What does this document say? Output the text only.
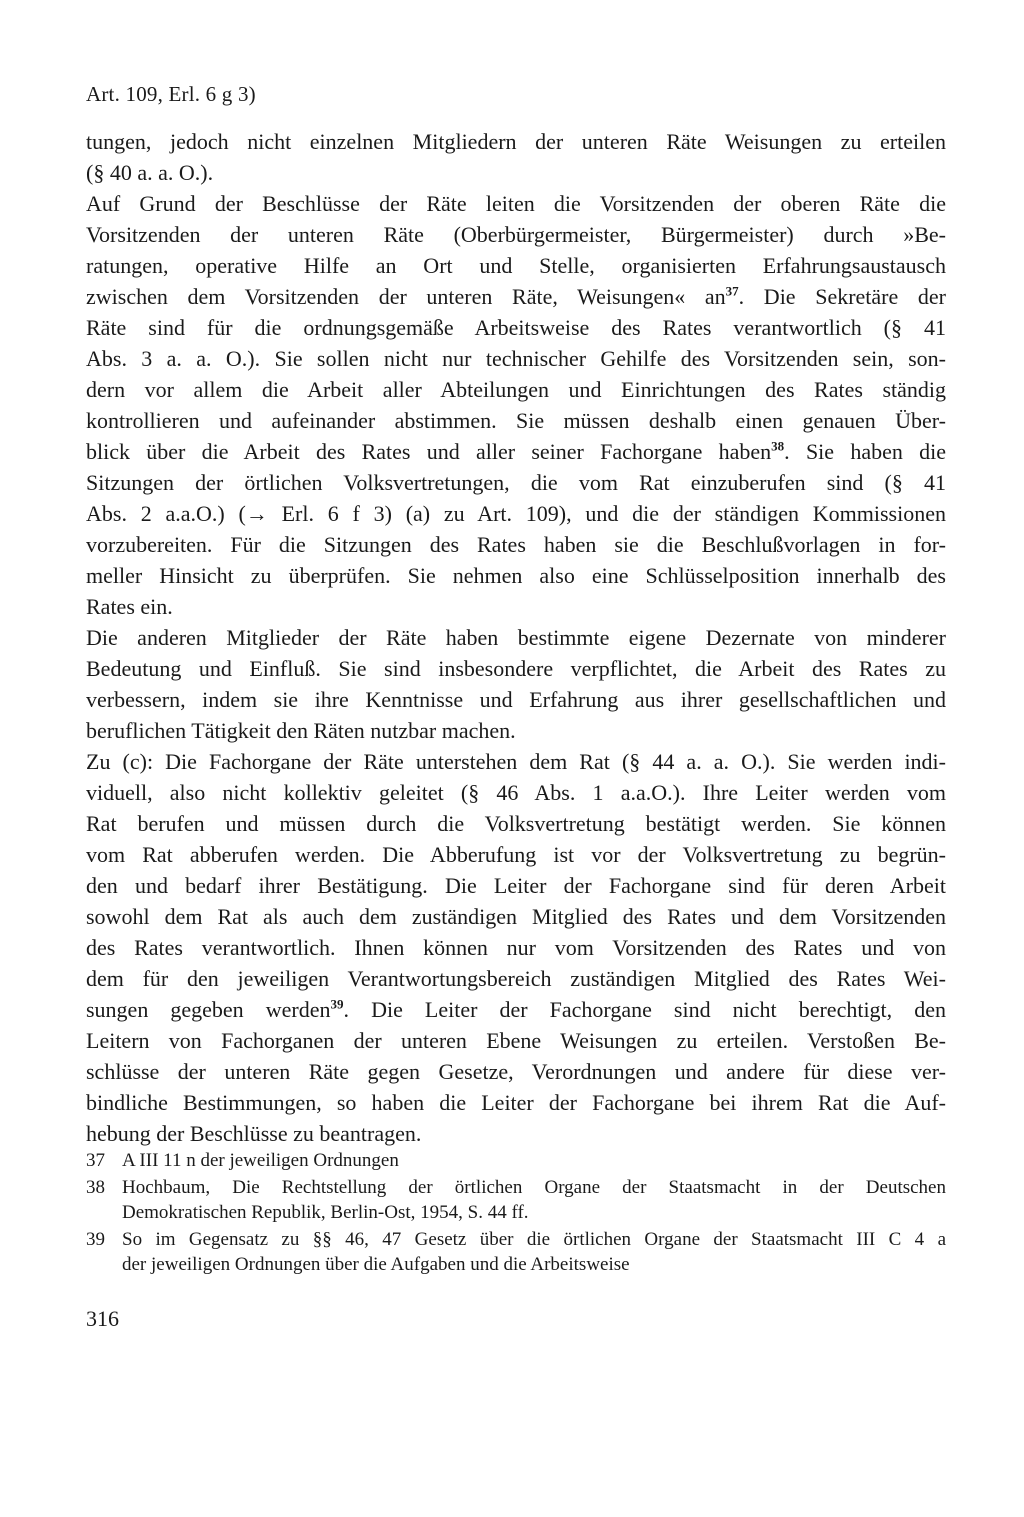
Art. 109, Erl. 6 g 3)

tungen, jedoch nicht einzelnen Mitgliedern der unteren Räte Weisungen zu erteilen
(§ 40 a. a. O.).

Auf Grund der Beschlüsse der Räte leiten die Vorsitzenden der oberen Räte die
Vorsitzenden der unteren Räte (Oberbürgermeister, Bürgermeister) durch »Be-
ratungen, operative Hilfe an Ort und Stelle, organisierten Erfahrungsaustausch
zwischen dem Vorsitzenden der unteren Räte, Weisungen« $an^{37}$. Die Sekretäre der
Räte sind für die ordnungsgemäße Arbeitsweise des Rates verantwortlich (§ 41
Abs. 3 a. a. O.). Sie sollen nicht nur technischer Gehilfe des Vorsitzenden sein, son-
dern vor allem die Arbeit aller Abteilungen und Einrichtungen des Rates ständig
kontrollieren und aufeinander abstimmen. Sie müssen deshalb einen genauen Über-
blick über die Arbeit des Rates und aller seiner Fachorgane haben$^{38}$. Sie haben die
Sitzungen der örtlichen Volksvertretungen, die vom Rat einzuberufen sind (§ 41
Abs. 2 a.a.O.) (→ Erl. 6 f 3) (a) zu Art. 109), und die der ständigen Kommissionen
vorzubereiten. Für die Sitzungen des Rates haben sie die Beschlußvorlagen in for-
meller Hinsicht zu überprüfen. Sie nehmen also eine Schlüsselposition innerhalb des
Rates ein.

Die anderen Mitglieder der Räte haben bestimmte eigene Dezernate von minderer
Bedeutung und Einfluß. Sie sind insbesondere verpflichtet, die Arbeit des Rates zu
verbessern, indem sie ihre Kenntnisse und Erfahrung aus ihrer gesellschaftlichen und
beruflichen Tätigkeit den Räten nutzbar machen.

Zu (c): Die Fachorgane der Räte unterstehen dem Rat (§ 44 a. a. O.). Sie werden indi-
viduell, also nicht kollektiv geleitet (§ 46 Abs. 1 a.a.O.). Ihre Leiter werden vom
Rat berufen und müssen durch die Volksvertretung bestätigt werden. Sie können
vom Rat abberufen werden. Die Abberufung ist vor der Volksvertretung zu begrün-
den und bedarf ihrer Bestätigung. Die Leiter der Fachorgane sind für deren Arbeit
sowohl dem Rat als auch dem zuständigen Mitglied des Rates und dem Vorsitzenden
des Rates verantwortlich. Ihnen können nur vom Vorsitzenden des Rates und von
dem für den jeweiligen Verantwortungsbereich zuständigen Mitglied des Rates Wei-
sungen gegeben werden$^{39}$. Die Leiter der Fachorgane sind nicht berechtigt, den
Leitern von Fachorganen der unteren Ebene Weisungen zu erteilen. Verstoßen Be-
schlüsse der unteren Räte gegen Gesetze, Verordnungen und andere für diese ver-
bindliche Bestimmungen, so haben die Leiter der Fachorgane bei ihrem Rat die Auf-
hebung der Beschlüsse zu beantragen.

37 A III 11 n der jeweiligen Ordnungen
38 Hochbaum, Die Rechtstellung der örtlichen Organe der Staatsmacht in der Deutschen
Demokratischen Republik, Berlin-Ost, 1954, S. 44 ff.
39 So im Gegensatz zu §§ 46, 47 Gesetz über die örtlichen Organe der Staatsmacht III C 4 a
der jeweiligen Ordnungen über die Aufgaben und die Arbeitsweise
316
